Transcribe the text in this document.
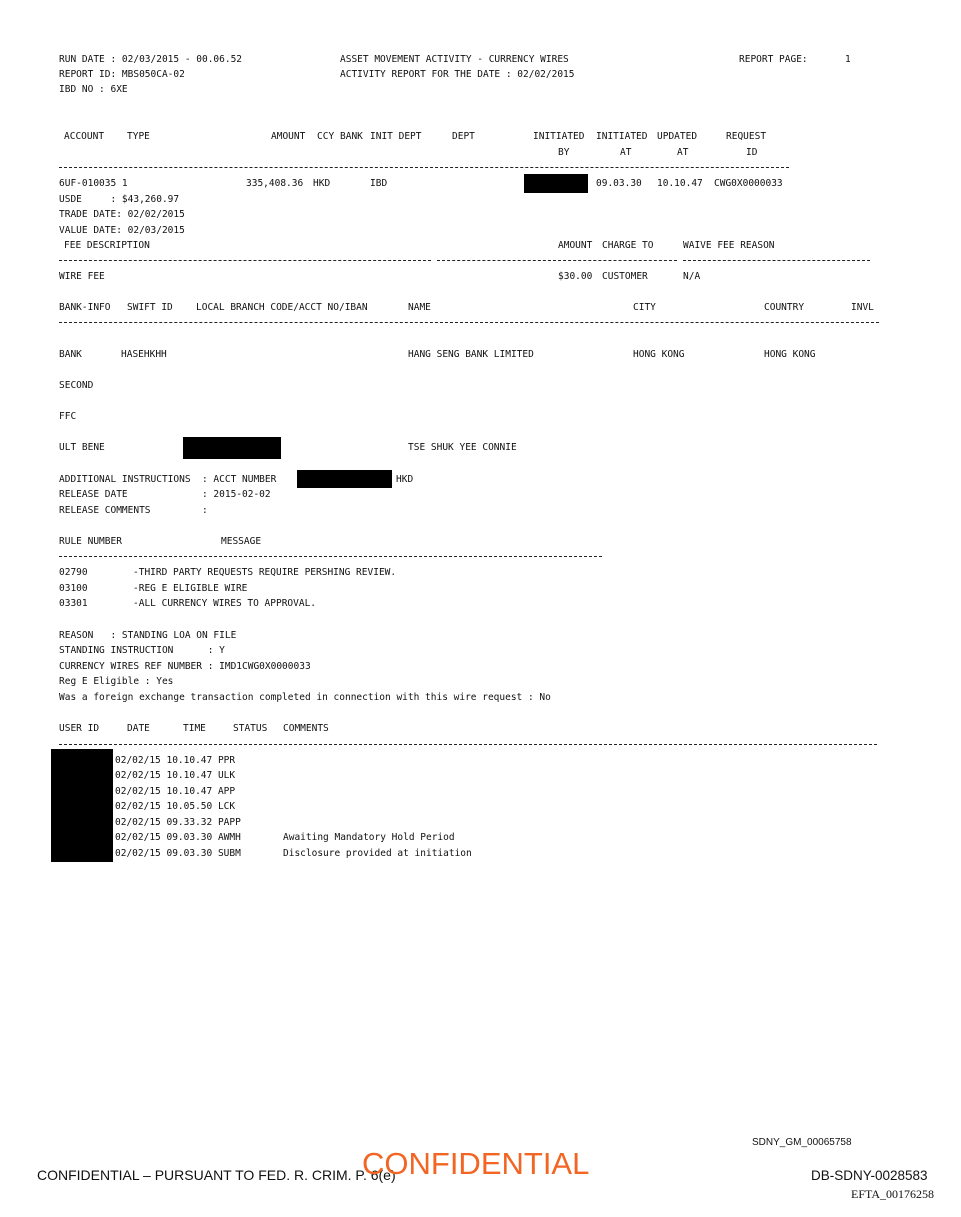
RUN DATE : 02/03/2015 - 00.06.52
REPORT ID: MBS050CA-02
IBD NO : 6XE
ASSET MOVEMENT ACTIVITY - CURRENCY WIRES
ACTIVITY REPORT FOR THE DATE : 02/02/2015
REPORT PAGE:	1
ACCOUNT TYPE	AMOUNT CCY BANK INIT DEPT	DEPT	INITIATED INITIATED UPDATED	REQUEST
BY	AT	AT	ID
6UF-010035 1	335,408.36 HKD	IBD	09.03.30 10.10.47 CWG0X0000033
USDE     : $43,260.97
TRADE DATE: 02/02/2015
VALUE DATE: 02/03/2015
FEE DESCRIPTION	AMOUNT CHARGE TO	WAIVE FEE REASON
WIRE FEE	$30.00 CUSTOMER	N/A
BANK-INFO SWIFT ID LOCAL BRANCH CODE/ACCT NO/IBAN	NAME	CITY	COUNTRY	INVL
BANK	HASEHKHH	HANG SENG BANK LIMITED	HONG KONG	HONG KONG
SECOND
FFC
ULT BENE	TSE SHUK YEE CONNIE
ADDITIONAL INSTRUCTIONS  : ACCT NUMBER	HKD
RELEASE DATE             : 2015-02-02
RELEASE COMMENTS         :
RULE NUMBER	MESSAGE
02790	-THIRD PARTY REQUESTS REQUIRE PERSHING REVIEW.
03100	-REG E ELIGIBLE WIRE
03301	-ALL CURRENCY WIRES TO APPROVAL.
REASON   : STANDING LOA ON FILE
STANDING INSTRUCTION      : Y
CURRENCY WIRES REF NUMBER : IMD1CWG0X0000033
Reg E Eligible : Yes
Was a foreign exchange transaction completed in connection with this wire request : No
USER ID	DATE	TIME	STATUS COMMENTS
02/02/15 10.10.47 PPR
02/02/15 10.10.47 ULK
02/02/15 10.10.47 APP
02/02/15 10.05.50 LCK
02/02/15 09.33.32 PAPP
02/02/15 09.03.30 AWMH	Awaiting Mandatory Hold Period
02/02/15 09.03.30 SUBM	Disclosure provided at initiation
SDNY_GM_00065758
CONFIDENTIAL – PURSUANT TO FED. R. CRIM. P. 6(e)
CONFIDENTIAL	DB-SDNY-0028583
EFTA_00176258
